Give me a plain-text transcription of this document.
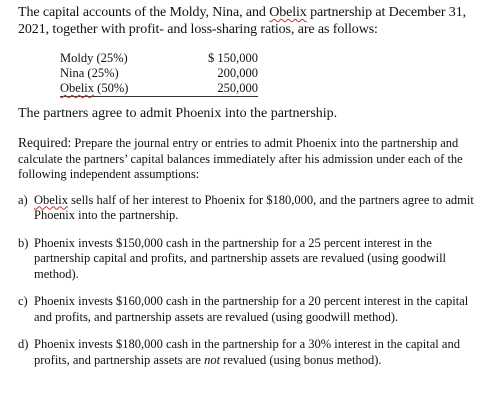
The capital accounts of the Moldy, Nina, and Obelix partnership at December 31, 2021, together with profit- and loss-sharing ratios, are as follows:

Moldy (25%)	$ 150,000
Nina (25%)	200,000
Obelix (50%)	250,000

The partners agree to admit Phoenix into the partnership.

Required: Prepare the journal entry or entries to admit Phoenix into the partnership and calculate the partners’ capital balances immediately after his admission under each of the following independent assumptions:

a) Obelix sells half of her interest to Phoenix for $180,000, and the partners agree to admit Phoenix into the partnership.
b) Phoenix invests $150,000 cash in the partnership for a 25 percent interest in the partnership capital and profits, and partnership assets are revalued (using goodwill method).
c) Phoenix invests $160,000 cash in the partnership for a 20 percent interest in the capital and profits, and partnership assets are revalued (using goodwill method).
d) Phoenix invests $180,000 cash in the partnership for a 30% interest in the capital and profits, and partnership assets are not revalued (using bonus method).
